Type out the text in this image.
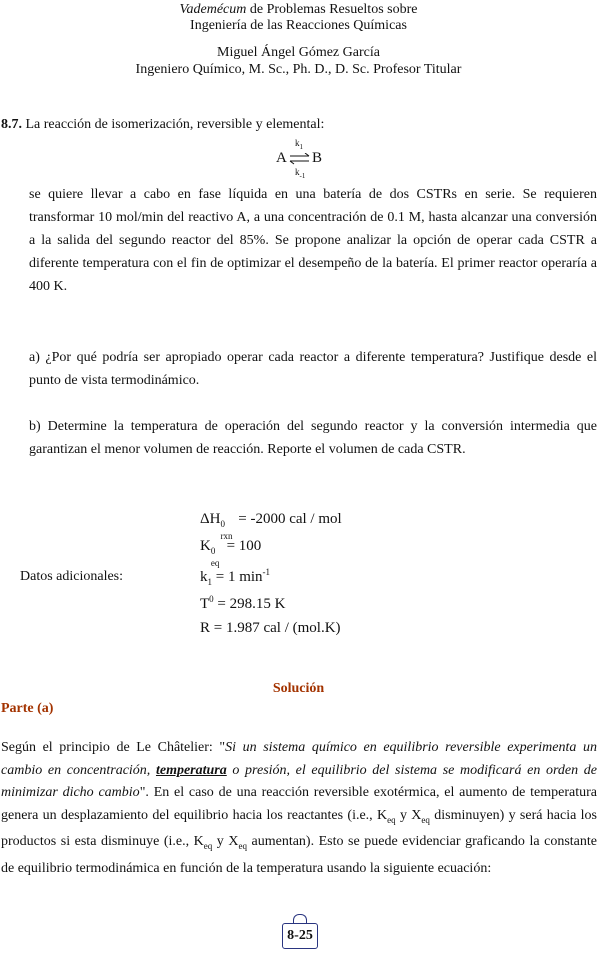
Vademécum de Problemas Resueltos sobre
Ingeniería de las Reacciones Químicas
Miguel Ángel Gómez García
Ingeniero Químico, M. Sc., Ph. D., D. Sc. Profesor Titular
8.7. La reacción de isomerización, reversible y elemental:
$k_1$
A ⇌ B
$k_{-1}$
se quiere llevar a cabo en fase líquida en una batería de dos CSTRs en serie. Se requieren transformar 10 mol/min del reactivo A, a una concentración de 0.1 M, hasta alcanzar una conversión a la salida del segundo reactor del 85%. Se propone analizar la opción de operar cada CSTR a diferente temperatura con el fin de optimizar el desempeño de la batería. El primer reactor operaría a 400 K.
a) ¿Por qué podría ser apropiado operar cada reactor a diferente temperatura? Justifique desde el punto de vista termodinámico.
b) Determine la temperatura de operación del segundo reactor y la conversión intermedia que garantizan el menor volumen de reacción. Reporte el volumen de cada CSTR.
Datos adicionales:
ΔH 0
rxn
= -2000 cal / mol
K 0
eq
= 100
$k_1 = 1$ $\min^{-1}$
$T^0 = 298.15$ K
R = 1.987 cal / (mol.K)
Solución
Parte (a)
Según el principio de Le Châtelier: "Si un sistema químico en equilibrio reversible experimenta un cambio en concentración, temperatura o presión, el equilibrio del sistema se modificará en orden de minimizar dicho cambio". En el caso de una reacción reversible exotérmica, el aumento de temperatura genera un desplazamiento del equilibrio hacia los reactantes (i.e., $K_{eq}$ y $X_{eq}$ disminuyen) y será hacia los productos si esta disminuye (i.e., $K_{eq}$ y $X_{eq}$ aumentan). Esto se puede evidenciar graficando la constante de equilibrio termodinámica en función de la temperatura usando la siguiente ecuación:
8-25
